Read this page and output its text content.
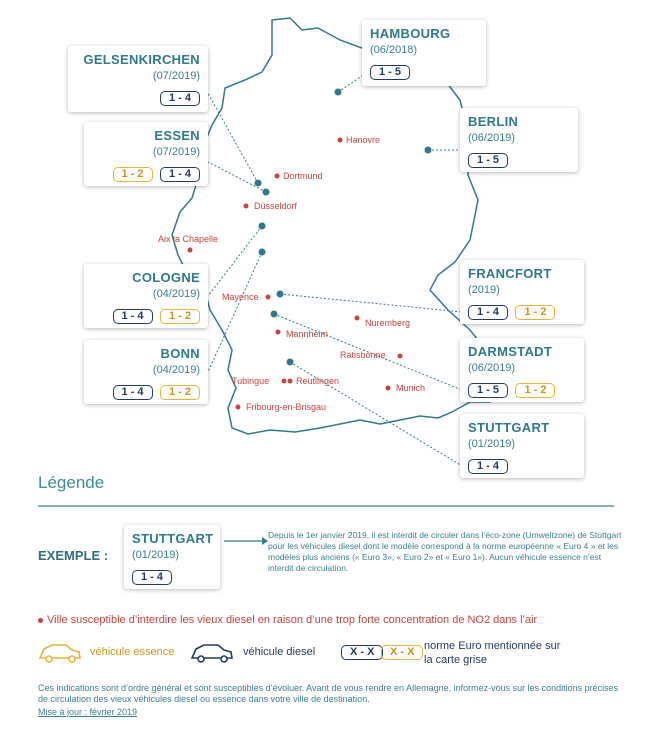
Hanovre
Dortmund
Düsseldorf
Aix la Chapelle
Mayence
Nuremberg
Mannheim
Ratisbonne
Tubingue	Reutlingen
Munich
Fribourg-en-Brisgau
HAMBOURG
(06/2018)
1 - 5
GELSENKIRCHEN
(07/2019)
1 - 4
ESSEN
(07/2019)
1 - 2 1 - 4
BERLIN
(06/2019)
1 - 5
COLOGNE
(04/2019)
1 - 4 1 - 2
FRANCFORT
(2019)
1 - 4 1 - 2
BONN
(04/2019)
1 - 4 1 - 2
DARMSTADT
(06/2019)
1 - 5 1 - 2
STUTTGART
(01/2019)
1 - 4
Légende
EXEMPLE :
STUTTGART
(01/2019)
1 - 4
Depuis le 1er janvier 2019, il est interdit de circuler dans l’éco-zone (Umweltzone) de Stuttgart pour les véhicules diesel dont le modèle correspond à la norme européenne « Euro 4 » et les modèles plus anciens (« Euro 3», « Euro 2» et « Euro 1»). Aucun véhicule essence n’est interdit de circulation.
Ville susceptible d’interdire les vieux diesel en raison d’une trop forte concentration de NO2 dans l’air
véhicule essence	véhicule diesel	X - X	X - X norme Euro mentionnée sur
la carte grise
Ces indications sont d’ordre général et sont susceptibles d’évoluer. Avant de vous rendre en Allemagne, informez-vous sur les conditions précises de circulation des vieux véhicules diesel ou essence dans votre ville de destination.
Mise à jour : février 2019
